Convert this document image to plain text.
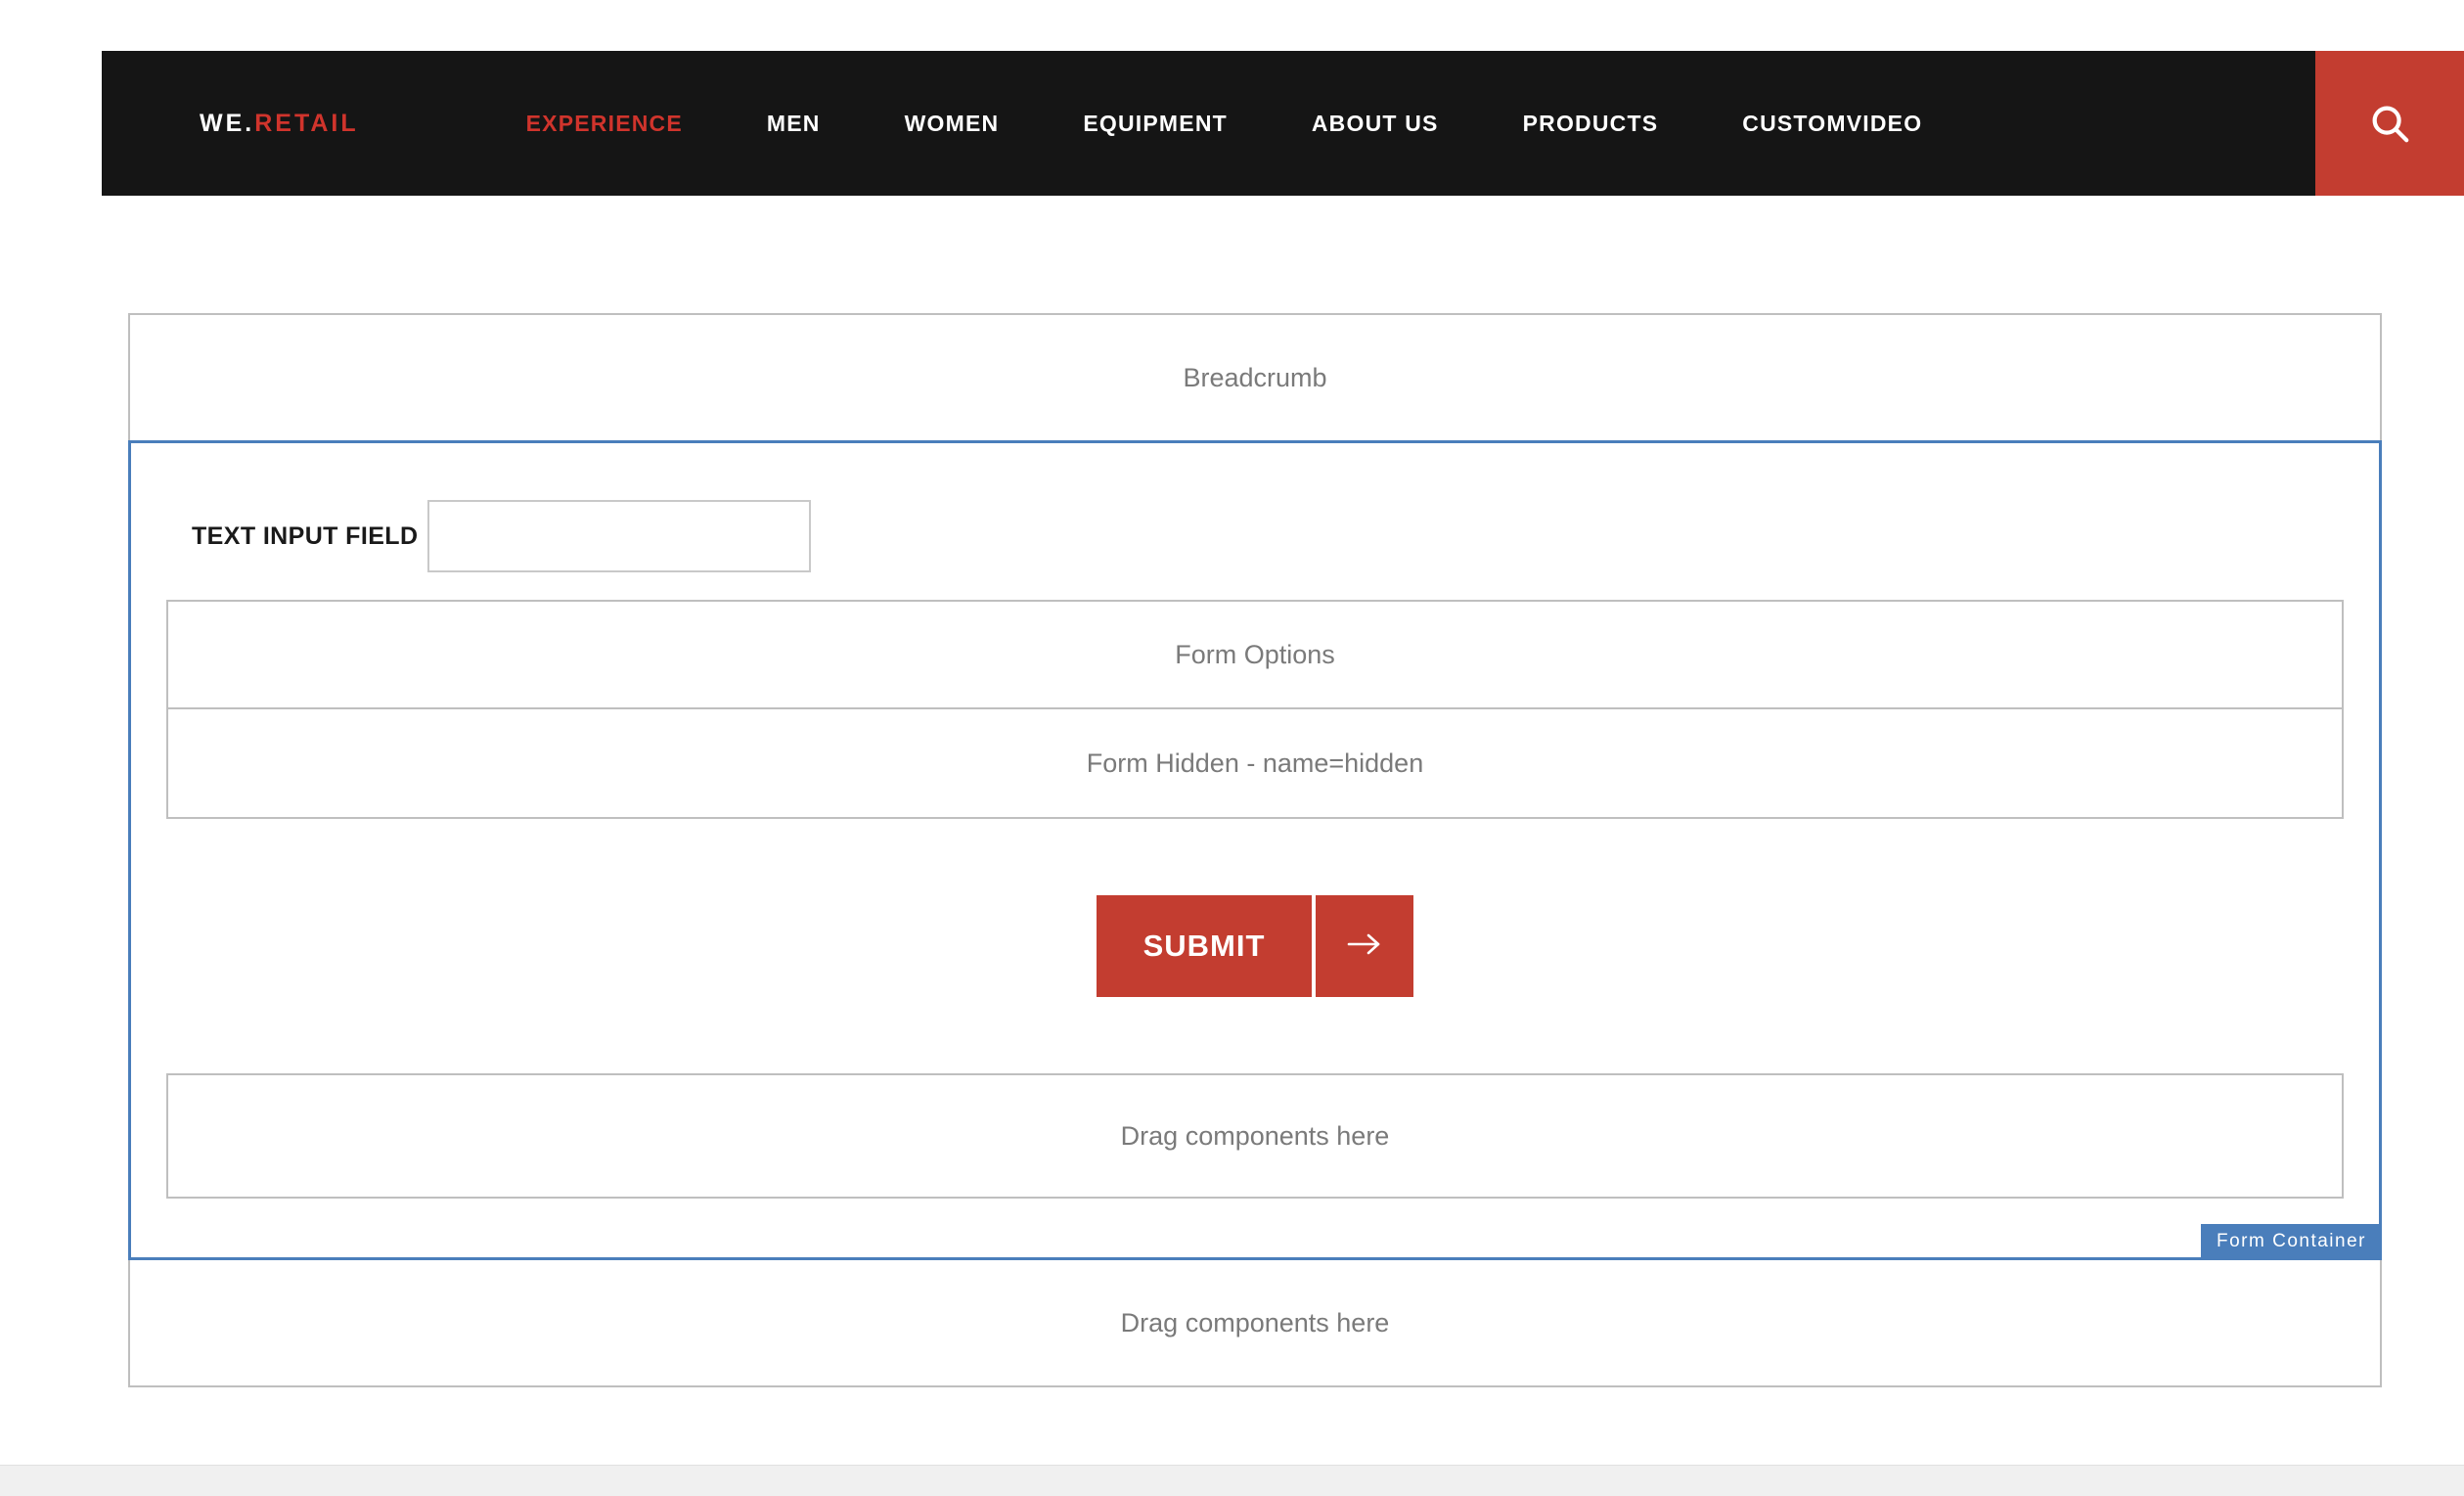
WE.RETAIL	EXPERIENCE	MEN	WOMEN	EQUIPMENT	ABOUT US	PRODUCTS	CUSTOMVIDEO
Breadcrumb
TEXT INPUT FIELD
Form Options
Form Hidden - name=hidden
SUBMIT
Drag components here
Form Container
Drag components here
